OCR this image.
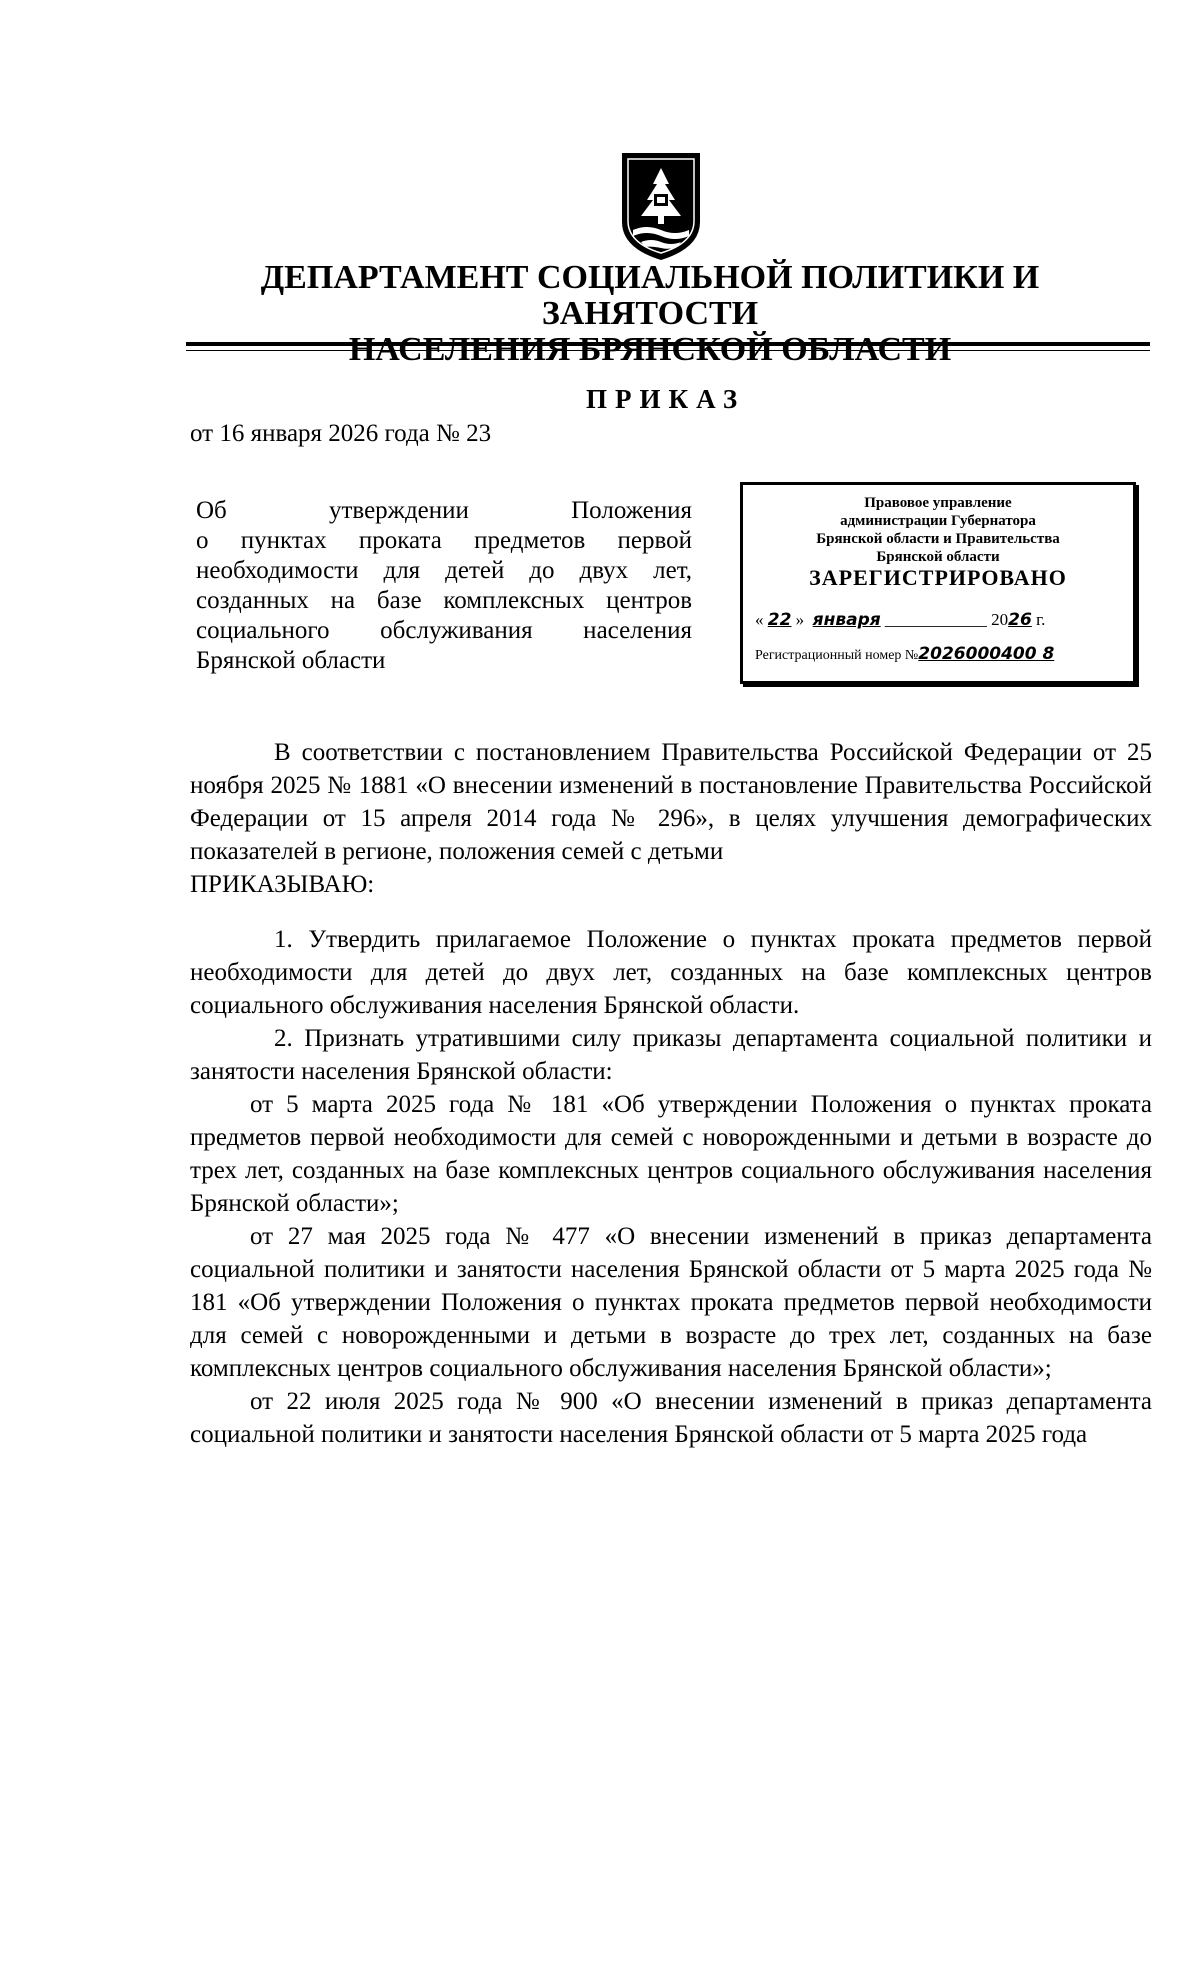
ДЕПАРТАМЕНТ СОЦИАЛЬНОЙ ПОЛИТИКИ И ЗАНЯТОСТИ
НАСЕЛЕНИЯ БРЯНСКОЙ ОБЛАСТИ
ПРИКАЗ
от 16 января 2026 года № 23
Об утверждении Положения
о пунктах проката предметов первой
необходимости для детей до двух лет,
созданных на базе комплексных центров
социального обслуживания населения
Брянской области
Правовое управление
администрации Губернатора
Брянской области и Правительства
Брянской области
ЗАРЕГИСТРИРОВАНО
« 22 »  января ____________ 2026 г.
Регистрационный номер №2026000400 8

В соответствии с постановлением Правительства Российской Федерации от 25 ноября 2025 № 1881 «О внесении изменений в постановление Правительства Российской Федерации от 15 апреля 2014 года № 296», в целях улучшения демографических показателей в регионе, положения семей с детьми

ПРИКАЗЫВАЮ:

1. Утвердить прилагаемое Положение о пунктах проката предметов первой необходимости для детей до двух лет, созданных на базе комплексных центров социального обслуживания населения Брянской области.

2. Признать утратившими силу приказы департамента социальной политики и занятости населения Брянской области:

от 5 марта 2025 года № 181 «Об утверждении Положения о пунктах проката предметов первой необходимости для семей с новорожденными и детьми в возрасте до трех лет, созданных на базе комплексных центров социального обслуживания населения Брянской области»;

от 27 мая 2025 года № 477 «О внесении изменений в приказ департамента социальной политики и занятости населения Брянской области от 5 марта 2025 года № 181 «Об утверждении Положения о пунктах проката предметов первой необходимости для семей с новорожденными и детьми в возрасте до трех лет, созданных на базе комплексных центров социального обслуживания населения Брянской области»;

от 22 июля 2025 года № 900 «О внесении изменений в приказ департамента социальной политики и занятости населения Брянской области от 5 марта 2025 года
